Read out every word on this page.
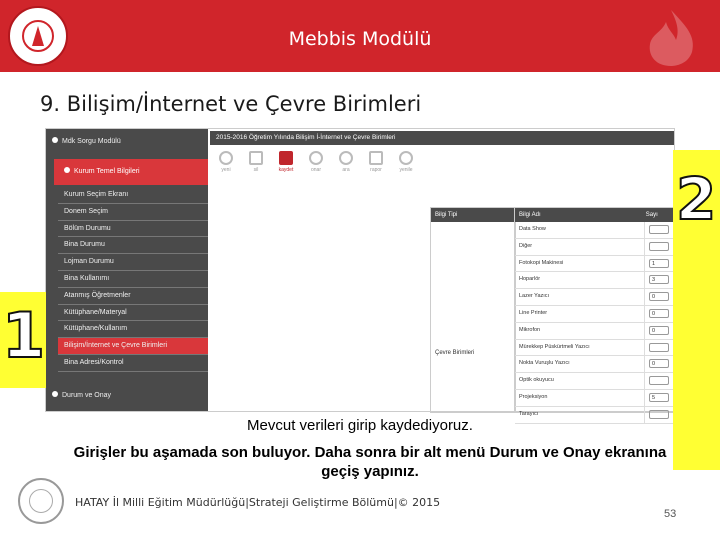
Mebbis Modülü
9. Bilişim/İnternet ve Çevre Birimleri
Mdk Sorgu Modülü
Kurum Temel Bilgileri
Kurum Seçim Ekranı
Donem Seçim
Bölüm Durumu
Bina Durumu
Lojman Durumu
Bina Kullanımı
Atanmış Öğretmenler
Kütüphane/Materyal
Kütüphane/Kullanım
Bilişim/İnternet ve Çevre Birimleri
Bina Adresi/Kontrol
Durum ve Onay
2015-2016 Öğretim Yılında Bilişim İ-İnternet ve Çevre Birimleri
yeni	sil	kaydet	onar	ara	rapor	yenile
Bilgi Tipi
Çevre Birimleri
Bilgi Adı	Sayı
Data Show
Diğer
Fotokopi Makinesi	1
Hoparlör	3
Lazer Yazıcı	0
Line Printer	0
Mikrofon	0
Mürekkep Püskürtmeli Yazıcı
Nokta Vuruşlu Yazıcı	0
Optik okuyucu
Projeksiyon	5
Tarayıcı
1
2
Mevcut verileri girip kaydediyoruz.
Girişler bu aşamada son buluyor. Daha sonra bir alt menü Durum ve Onay ekranına geçiş yapınız.
HATAY İl Milli Eğitim Müdürlüğü|Strateji Geliştirme Bölümü|© 2015
53
